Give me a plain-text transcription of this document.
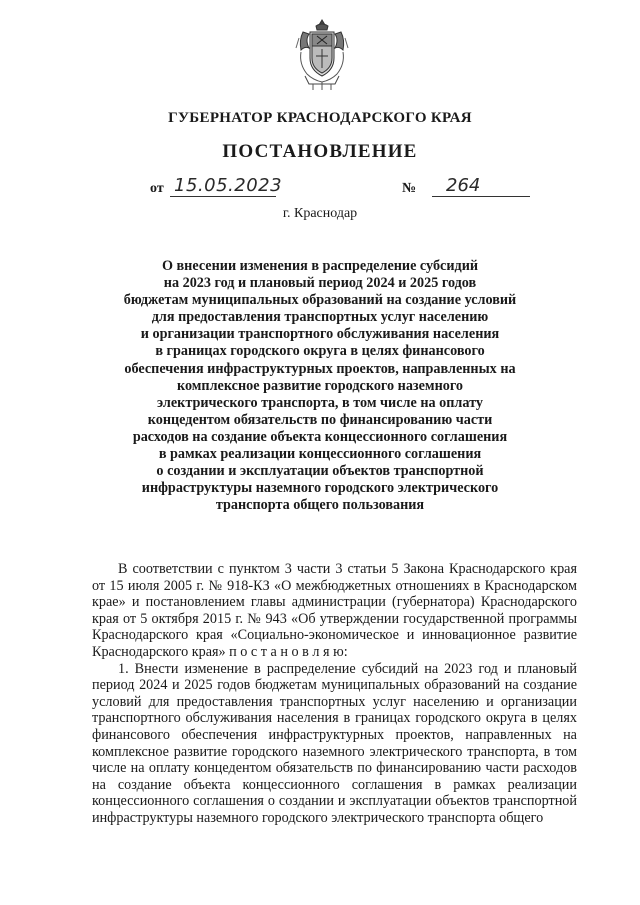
ГУБЕРНАТОР КРАСНОДАРСКОГО КРАЯ
ПОСТАНОВЛЕНИЕ
от 15.05.2023	№ 264
г. Краснодар
О внесении изменения в распределение субсидий
на 2023 год и плановый период 2024 и 2025 годов
бюджетам муниципальных образований на создание условий
для предоставления транспортных услуг населению
и организации транспортного обслуживания населения
в границах городского округа в целях финансового
обеспечения инфраструктурных проектов, направленных на
комплексное развитие городского наземного
электрического транспорта, в том числе на оплату
концедентом обязательств по финансированию части
расходов на создание объекта концессионного соглашения
в рамках реализации концессионного соглашения
о создании и эксплуатации объектов транспортной
инфраструктуры наземного городского электрического
транспорта общего пользования

В соответствии с пунктом 3 части 3 статьи 5 Закона Краснодарского края от 15 июля 2005 г. № 918-КЗ «О межбюджетных отношениях в Краснодарском крае» и постановлением главы администрации (губернатора) Краснодарского края от 5 октября 2015 г. № 943 «Об утверждении государственной программы Краснодарского края «Социально-экономическое и инновационное развитие Краснодарского края» п о с т а н о в л я ю:

1. Внести изменение в распределение субсидий на 2023 год и плановый период 2024 и 2025 годов бюджетам муниципальных образований на создание условий для предоставления транспортных услуг населению и организации транспортного обслуживания населения в границах городского округа в целях финансового обеспечения инфраструктурных проектов, направленных на комплексное развитие городского наземного электрического транспорта, в том числе на оплату концедентом обязательств по финансированию части расходов на создание объекта концессионного соглашения в рамках реализации концессионного соглашения о создании и эксплуатации объектов транспортной инфраструктуры наземного городского электрического транспорта общего
